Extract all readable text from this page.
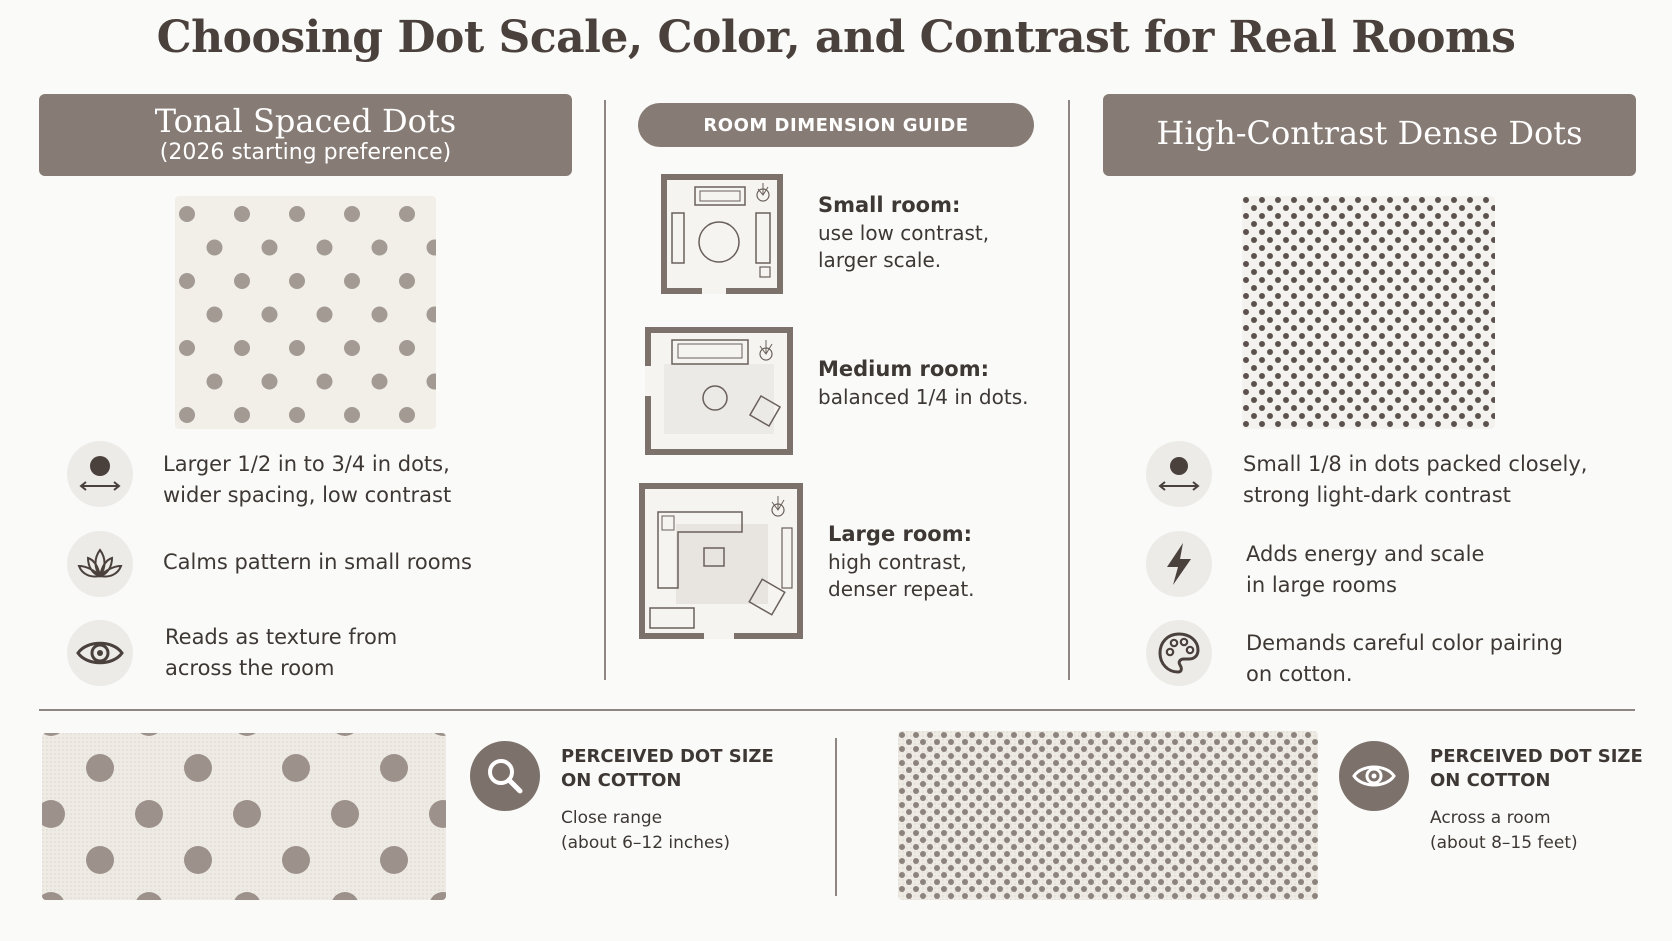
Choosing Dot Scale, Color, and Contrast for Real Rooms
Tonal Spaced Dots
(2026 starting preference)
Larger 1/2 in to 3/4 in dots,
wider spacing, low contrast
Calms pattern in small rooms
Reads as texture from
across the room
ROOM DIMENSION GUIDE
Small room:
use low contrast,
larger scale.
Medium room:
balanced 1/4 in dots.
Large room:
high contrast,
denser repeat.
High-Contrast Dense Dots
Small 1/8 in dots packed closely,
strong light-dark contrast
Adds energy and scale
in large rooms
Demands careful color pairing
on cotton.
PERCEIVED DOT SIZE
ON COTTON
Close range
(about 6–12 inches)
PERCEIVED DOT SIZE
ON COTTON
Across a room
(about 8–15 feet)
